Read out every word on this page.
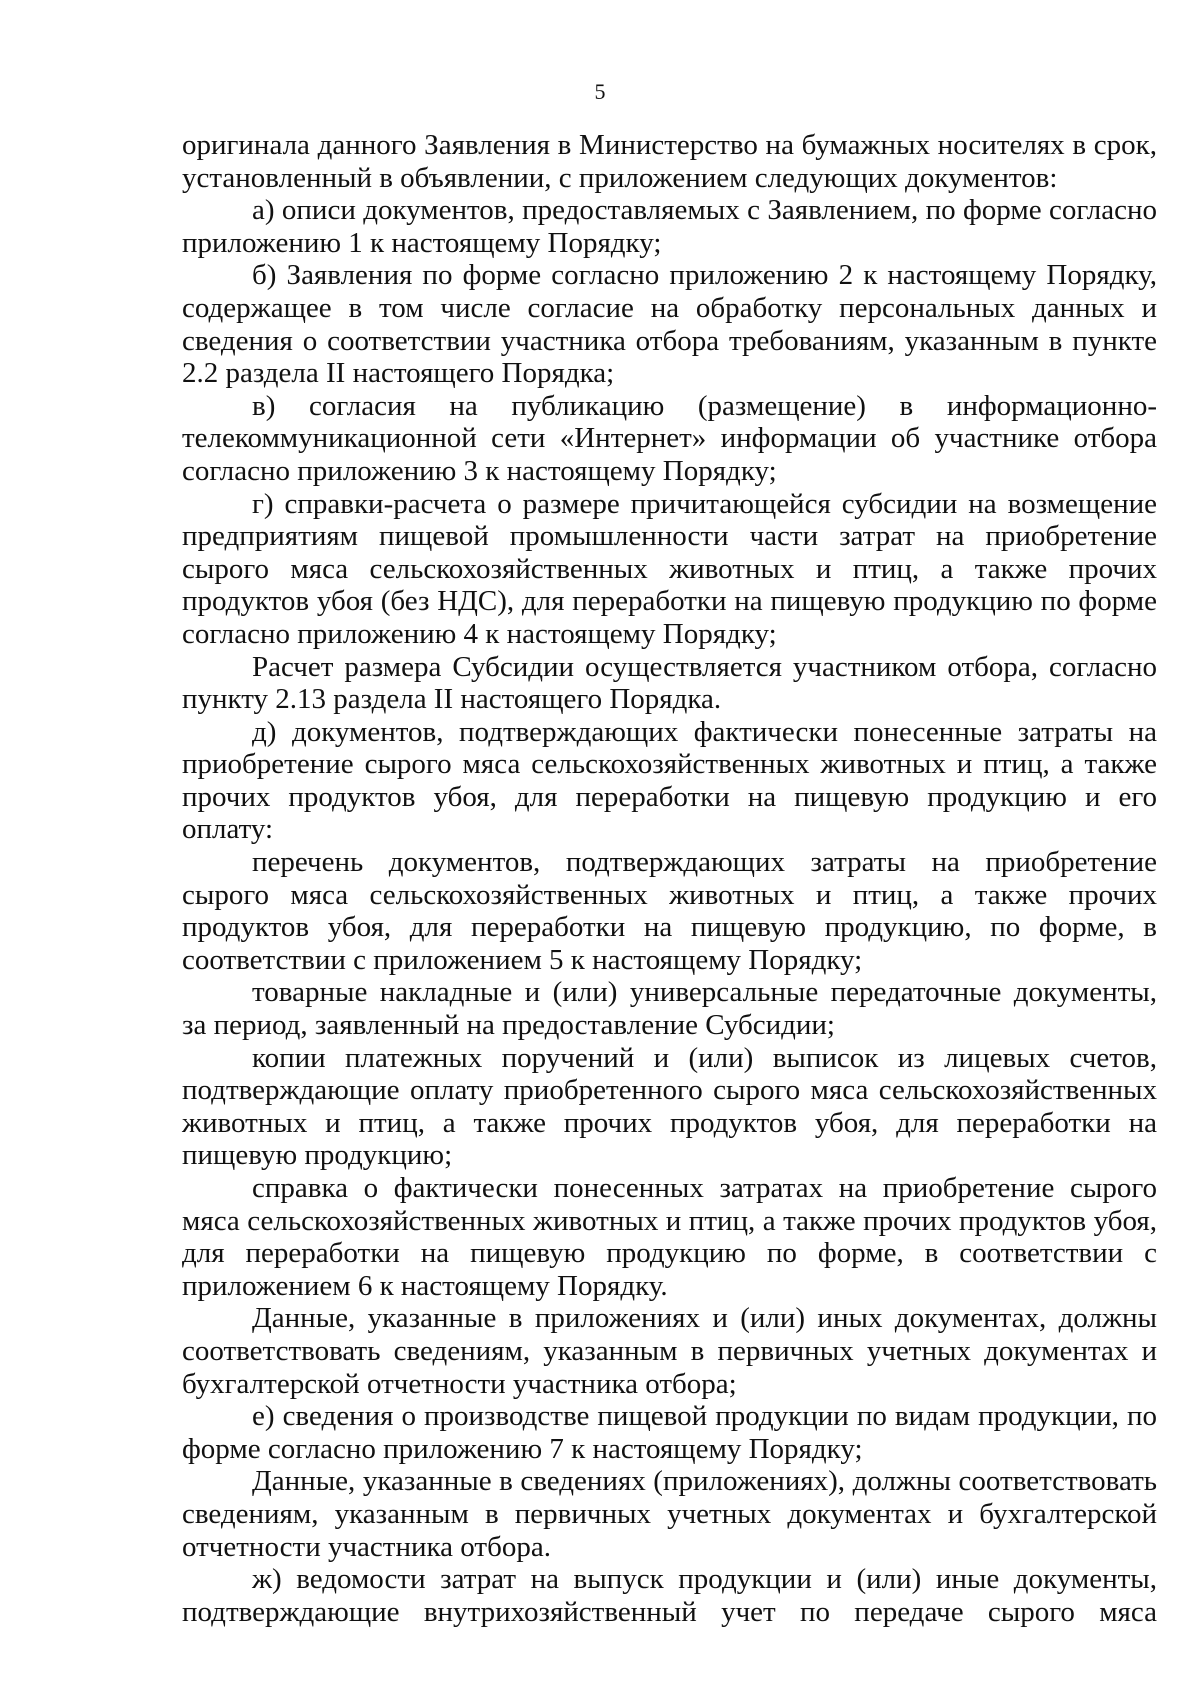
5

оригинала данного Заявления в Министерство на бумажных носителях в срок, установленный в объявлении, с приложением следующих документов:

а) описи документов, предоставляемых с Заявлением, по форме согласно приложению 1 к настоящему Порядку;

б) Заявления по форме согласно приложению 2 к настоящему Порядку, содержащее в том числе согласие на обработку персональных данных и сведения о соответствии участника отбора требованиям, указанным в пункте 2.2 раздела II настоящего Порядка;

в) согласия на публикацию (размещение) в информационно-телекоммуникационной сети «Интернет» информации об участнике отбора согласно приложению 3 к настоящему Порядку;

г) справки-расчета о размере причитающейся субсидии на возмещение предприятиям пищевой промышленности части затрат на приобретение сырого мяса сельскохозяйственных животных и птиц, а также прочих продуктов убоя (без НДС), для переработки на пищевую продукцию по форме согласно приложению 4 к настоящему Порядку;

Расчет размера Субсидии осуществляется участником отбора, согласно пункту 2.13 раздела II настоящего Порядка.

д) документов, подтверждающих фактически понесенные затраты на приобретение сырого мяса сельскохозяйственных животных и птиц, а также прочих продуктов убоя, для переработки на пищевую продукцию и его оплату:

перечень документов, подтверждающих затраты на приобретение сырого мяса сельскохозяйственных животных и птиц, а также прочих продуктов убоя, для переработки на пищевую продукцию, по форме, в соответствии с приложением 5 к настоящему Порядку;

товарные накладные и (или) универсальные передаточные документы, за период, заявленный на предоставление Субсидии;

копии платежных поручений и (или) выписок из лицевых счетов, подтверждающие оплату приобретенного сырого мяса сельскохозяйственных животных и птиц, а также прочих продуктов убоя, для переработки на пищевую продукцию;

справка о фактически понесенных затратах на приобретение сырого мяса сельскохозяйственных животных и птиц, а также прочих продуктов убоя, для переработки на пищевую продукцию по форме, в соответствии с приложением 6 к настоящему Порядку.

Данные, указанные в приложениях и (или) иных документах, должны соответствовать сведениям, указанным в первичных учетных документах и бухгалтерской отчетности участника отбора;

е) сведения о производстве пищевой продукции по видам продукции, по форме согласно приложению 7 к настоящему Порядку;

Данные, указанные в сведениях (приложениях), должны соответствовать сведениям, указанным в первичных учетных документах и бухгалтерской отчетности участника отбора.

ж) ведомости затрат на выпуск продукции и (или) иные документы, подтверждающие внутрихозяйственный учет по передаче сырого мяса
